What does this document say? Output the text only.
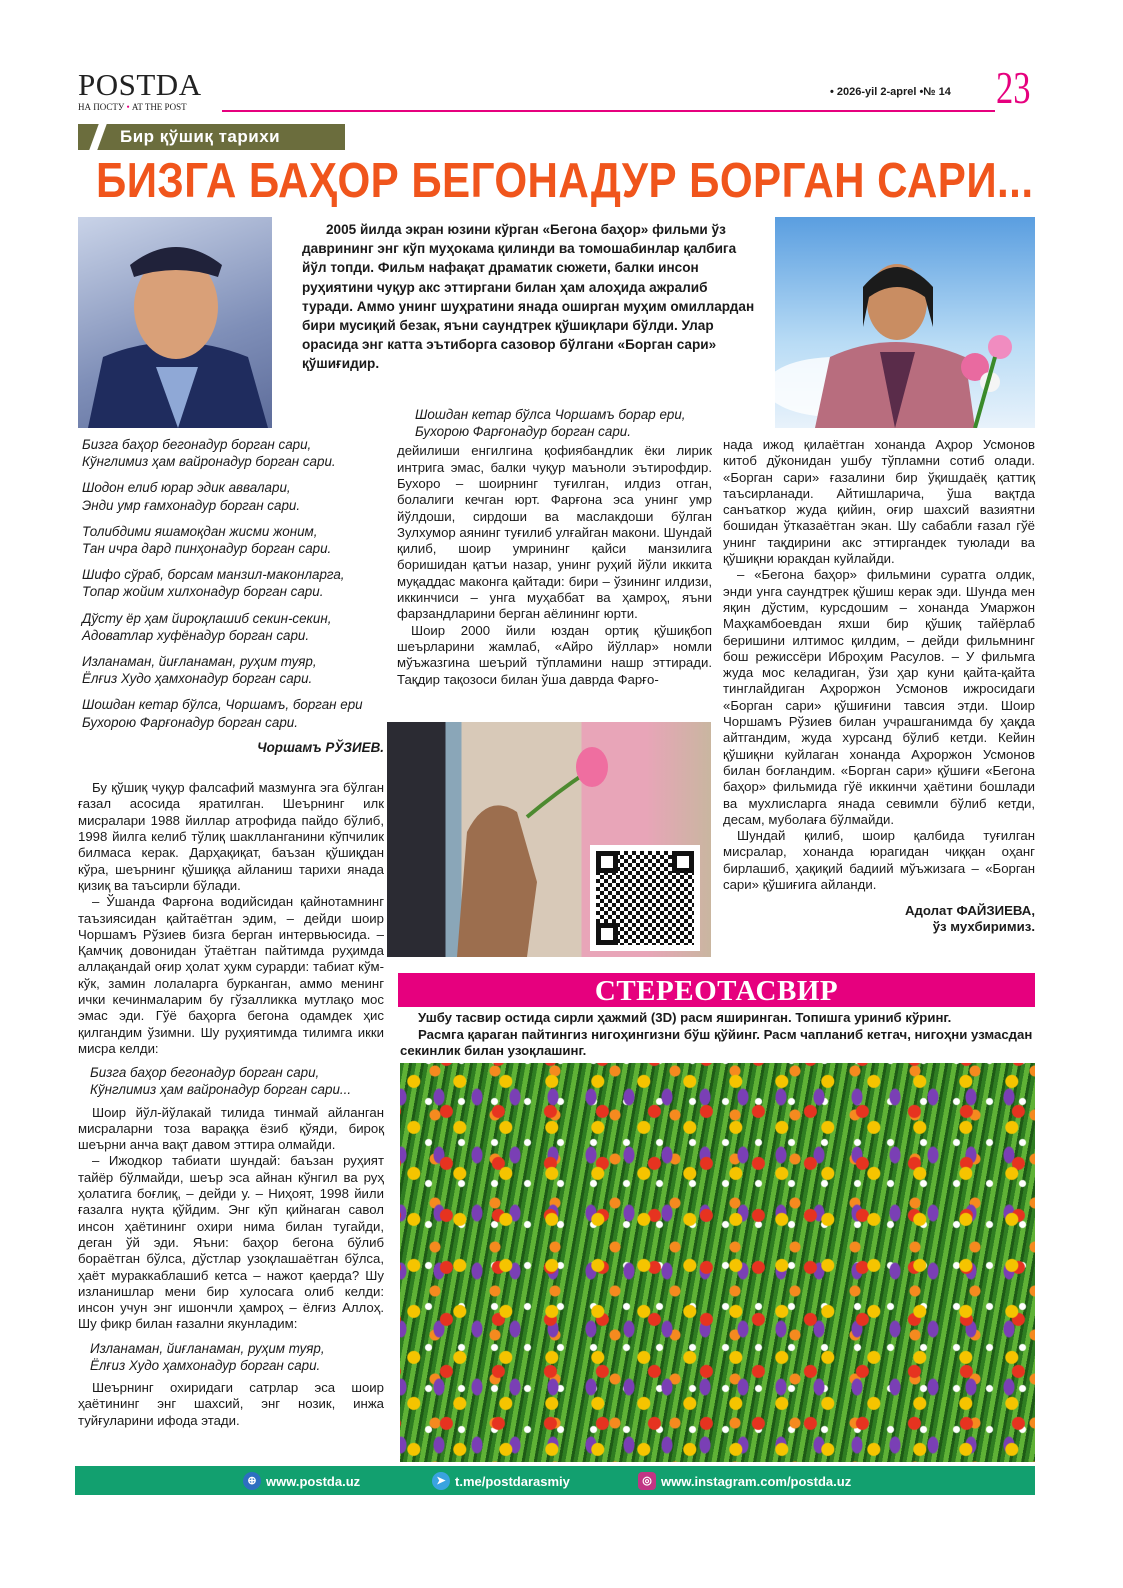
POSTDA
НА ПОСТУ • AT THE POST
• 2026-yil 2-aprel •№ 14 23
Бир қўшиқ тарихи
БИЗГА БАҲОР БЕГОНАДУР БОРГАН САРИ...
2005 йилда экран юзини кўрган «Бегона баҳор» фильми ўз даврининг энг кўп муҳокама қилинди ва томошабинлар қалбига йўл топди. Фильм нафақат драматик сюжети, балки инсон руҳиятини чуқур акс эттиргани билан ҳам алоҳида ажралиб туради. Аммо унинг шуҳратини янада оширган муҳим омиллардан бири мусиқий безак, яъни саундтрек қўшиқлари бўлди. Улар орасида энг катта эътиборга сазовор бўлгани «Борган сари» қўшиғидир.
Бизга баҳор бегонадур борган сари,
Кўнглимиз ҳам вайронадур борган сари.
Шодон елиб юрар эдик аввалари,
Энди умр ғамхонадур борган сари.
Толибдими яшамоқдан жисми жоним,
Тан ичра дард пинҳонадур борган сари.
Шифо сўраб, борсам манзил-маконларга,
Топар жойим хилхонадур борган сари.
Дўсту ёр ҳам йироқлашиб секин-секин,
Адоватлар хуфёнадур борган сари.
Изланаман, йиғланаман, руҳим туяр,
Ёлғиз Худо ҳамхонадур борган сари.
Шошдан кетар бўлса, Чоршамъ, борган ери
Бухорою Фарғонадур борган сари.
Чоршамъ РЎЗИЕВ.

Бу қўшиқ чуқур фалсафий мазмунга эга бўлган ғазал асосида яратилган. Шеърнинг илк мисралари 1988 йиллар атрофида пайдо бўлиб, 1998 йилга келиб тўлиқ шаклланганини кўпчилик билмаса керак. Дарҳақиқат, баъзан қўшиқдан кўра, шеърнинг қўшиққа айланиш тарихи янада қизиқ ва таъсирли бўлади.

– Ўшанда Фарғона водийсидан қайнотамнинг таъзиясидан қайтаётган эдим, – дейди шоир Чоршамъ Рўзиев бизга берган интервьюсида. – Қамчиқ довонидан ўтаётган пайтимда руҳимда аллақандай оғир ҳолат ҳукм сурарди: табиат кўм-кўк, замин лолаларга бурканган, аммо менинг ички кечинмаларим бу гўзалликка мутлақо мос эмас эди. Гўё баҳорга бегона одамдек ҳис қилгандим ўзимни. Шу руҳиятимда тилимга икки мисра келди:

Бизга баҳор бегонадур борган сари,
Кўнглимиз ҳам вайронадур борган сари...

Шоир йўл-йўлакай тилида тинмай айланган мисраларни тоза вараққа ёзиб қўяди, бироқ шеърни анча вақт давом эттира олмайди.

– Ижодкор табиати шундай: баъзан руҳият тайёр бўлмайди, шеър эса айнан кўнгил ва руҳ ҳолатига боғлиқ, – дейди у. – Ниҳоят, 1998 йили ғазалга нуқта қўйдим. Энг кўп қийнаган савол инсон ҳаётининг охири нима билан тугайди, деган ўй эди. Яъни: баҳор бегона бўлиб бораётган бўлса, дўстлар узоқлашаётган бўлса, ҳаёт мураккаблашиб кетса – нажот қаерда? Шу изланишлар мени бир хулосага олиб келди: инсон учун энг ишончли ҳамроҳ – ёлғиз Аллоҳ. Шу фикр билан ғазални якунладим:

Изланаман, йиғланаман, руҳим туяр,
Ёлғиз Худо ҳамхонадур борган сари.

Шеърнинг охиридаги сатрлар эса шоир ҳаётининг энг шахсий, энг нозик, инжа туйғуларини ифода этади.

Шошдан кетар бўлса Чоршамъ борар ери,
Бухорою Фарғонадур борган сари.

дейилиши енгилгина қофиябандлик ёки лирик интрига эмас, балки чуқур маъноли эътирофдир. Бухоро – шоирнинг туғилган, илдиз отган, болалиги кечган юрт. Фарғона эса унинг умр йўлдоши, сирдоши ва маслакдоши бўлган Зулхумор аянинг туғилиб улғайган макони. Шундай қилиб, шоир умрининг қайси манзилига боришидан қатъи назар, унинг руҳий йўли иккита муқаддас маконга қайтади: бири – ўзининг илдизи, иккинчиси – унга муҳаббат ва ҳамроҳ, яъни фарзандларини берган аёлининг юрти.

Шоир 2000 йили юздан ортиқ қўшиқбоп шеърларини жамлаб, «Айро йўллар» номли мўъжазгина шеърий тўпламини нашр эттиради. Тақдир тақозоси билан ўша даврда Фарғо-

нада ижод қилаётган хонанда Аҳрор Усмонов китоб дўконидан ушбу тўпламни сотиб олади. «Борган сари» ғазалини бир ўқишдаёқ қаттиқ таъсирланади. Айтишларича, ўша вақтда санъаткор жуда қийин, оғир шахсий вазиятни бошидан ўтказаётган экан. Шу сабабли ғазал гўё унинг тақдирини акс эттиргандек туюлади ва қўшиқни юракдан куйлайди.

– «Бегона баҳор» фильмини суратга олдик, энди унга саундтрек қўшиш керак эди. Шунда мен яқин дўстим, курсдошим – хонанда Умаржон Маҳкамбоевдан яхши бир қўшиқ тайёрлаб беришини илтимос қилдим, – дейди фильмнинг бош режиссёри Иброҳим Расулов. – У фильмга жуда мос келадиган, ўзи ҳар куни қайта-қайта тинглайдиган Аҳроржон Усмонов ижросидаги «Борган сари» қўшиғини тавсия этди. Шоир Чоршамъ Рўзиев билан учрашганимда бу ҳақда айтгандим, жуда хурсанд бўлиб кетди. Кейин қўшиқни куйлаган хонанда Аҳроржон Усмонов билан боғландим. «Борган сари» қўшиғи «Бегона баҳор» фильмида гўё иккинчи ҳаётини бошлади ва мухлисларга янада севимли бўлиб кетди, десам, муболаға бўлмайди.

Шундай қилиб, шоир қалбида туғилган мисралар, хонанда юрагидан чиққан оҳанг бирлашиб, ҳақиқий бадиий мўъжизага – «Борган сари» қўшиғига айланди.

Адолат ФАЙЗИЕВА,
ўз мухбиримиз.
СТЕРЕОТАСВИР

Ушбу тасвир остида сирли ҳажмий (3D) расм яширинган. Топишга уриниб кўринг.

Расмга қараган пайтингиз нигоҳингизни бўш қўйинг. Расм чапланиб кетгач, нигоҳни узмасдан секинлик билан узоқлашинг.

⊕ www.postda.uz	➤ t.me/postdarasmiy	◎ www.instagram.com/postda.uz
